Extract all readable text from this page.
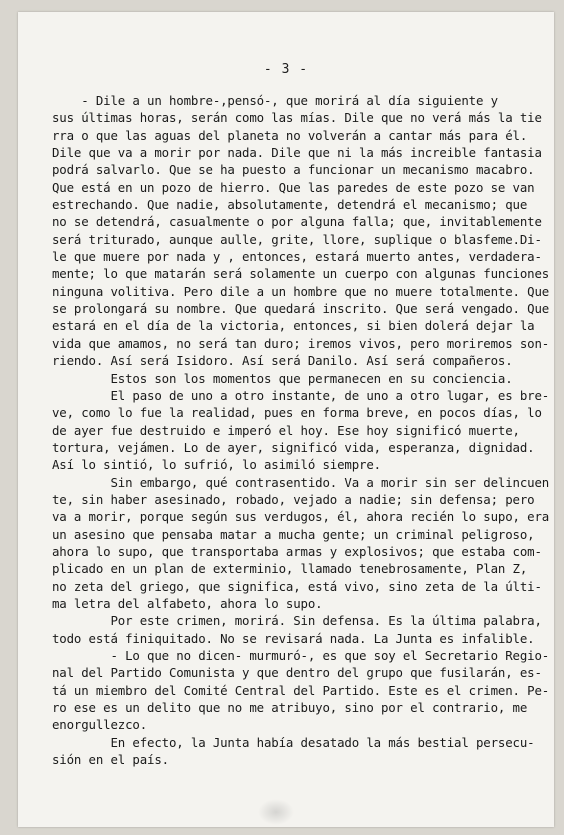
- 3 -
- Dile a un hombre-,pensó-, que morirá al día siguiente y
sus últimas horas, serán como las mías. Dile que no verá más la tie
rra o que las aguas del planeta no volverán a cantar más para él.
Dile que va a morir por nada. Dile que ni la más increible fantasia
podrá salvarlo. Que se ha puesto a funcionar un mecanismo macabro.
Que está en un pozo de hierro. Que las paredes de este pozo se van
estrechando. Que nadie, absolutamente, detendrá el mecanismo; que
no se detendrá, casualmente o por alguna falla; que, invitablemente
será triturado, aunque aulle, grite, llore, suplique o blasfeme.Di-
le que muere por nada y , entonces, estará muerto antes, verdadera-
mente; lo que matarán será solamente un cuerpo con algunas funciones
ninguna volitiva. Pero dile a un hombre que no muere totalmente. Que
se prolongará su nombre. Que quedará inscrito. Que será vengado. Que
estará en el día de la victoria, entonces, si bien dolerá dejar la
vida que amamos, no será tan duro; iremos vivos, pero moriremos son-
riendo. Así será Isidoro. Así será Danilo. Así será compañeros.
Estos son los momentos que permanecen en su conciencia.
El paso de uno a otro instante, de uno a otro lugar, es bre-
ve, como lo fue la realidad, pues en forma breve, en pocos días, lo
de ayer fue destruido e imperó el hoy. Ese hoy significó muerte,
tortura, vejámen. Lo de ayer, significó vida, esperanza, dignidad.
Así lo sintió, lo sufrió, lo asimiló siempre.
Sin embargo, qué contrasentido. Va a morir sin ser delincuen
te, sin haber asesinado, robado, vejado a nadie; sin defensa; pero
va a morir, porque según sus verdugos, él, ahora recién lo supo, era
un asesino que pensaba matar a mucha gente; un criminal peligroso,
ahora lo supo, que transportaba armas y explosivos; que estaba com-
plicado en un plan de exterminio, llamado tenebrosamente, Plan Z,
no zeta del griego, que significa, está vivo, sino zeta de la últi-
ma letra del alfabeto, ahora lo supo.
Por este crimen, morirá. Sin defensa. Es la última palabra,
todo está finiquitado. No se revisará nada. La Junta es infalible.
- Lo que no dicen- murmuró-, es que soy el Secretario Regio-
nal del Partido Comunista y que dentro del grupo que fusilarán, es-
tá un miembro del Comité Central del Partido. Este es el crimen. Pe-
ro ese es un delito que no me atribuyo, sino por el contrario, me
enorgullezco.
En efecto, la Junta había desatado la más bestial persecu-
sión en el país.
